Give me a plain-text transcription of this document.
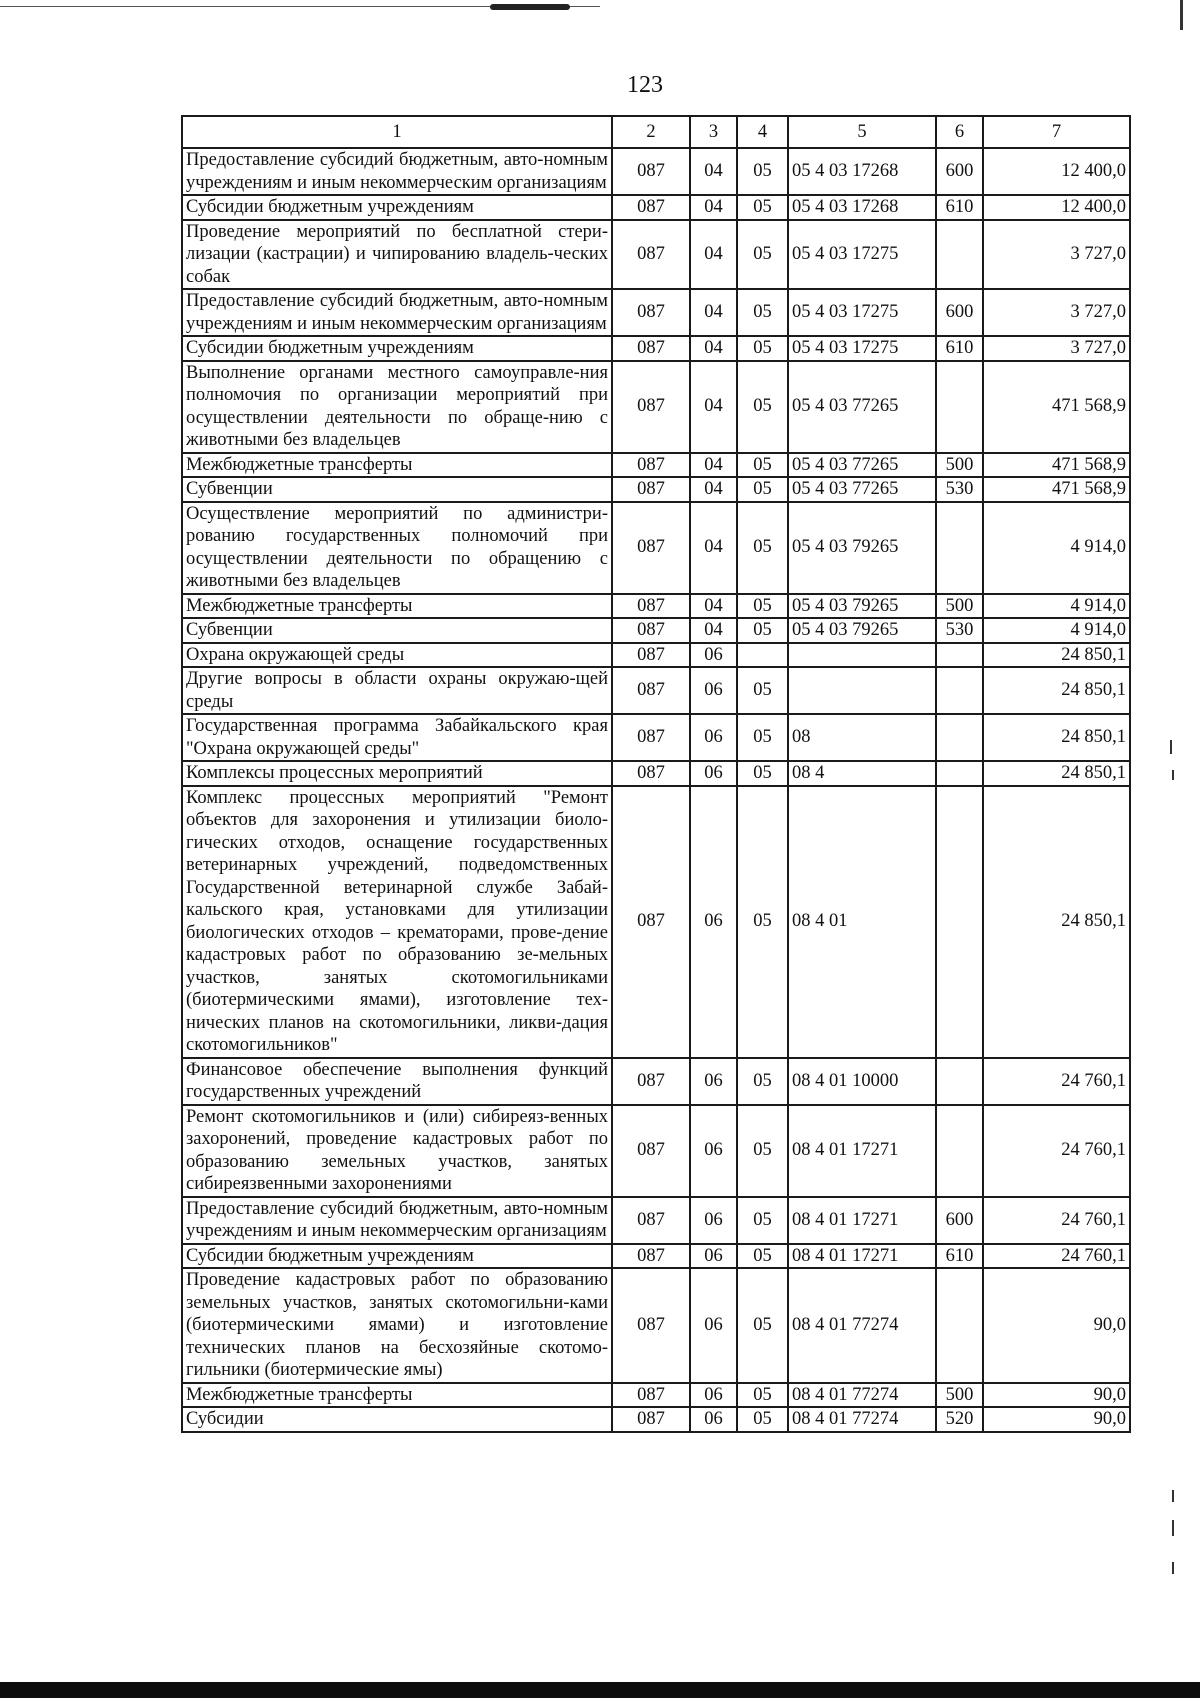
123
1	2	3	4	5	6	7
Предоставление субсидий бюджетным, авто-номным учреждениям и иным некоммерческим организациям	087	04	05	05 4 03 17268	600	12 400,0
Субсидии бюджетным учреждениям	087	04	05	05 4 03 17268	610	12 400,0
Проведение мероприятий по бесплатной стери-лизации (кастрации) и чипированию владель-ческих собак	087	04	05	05 4 03 17275		3 727,0
Предоставление субсидий бюджетным, авто-номным учреждениям и иным некоммерческим организациям	087	04	05	05 4 03 17275	600	3 727,0
Субсидии бюджетным учреждениям	087	04	05	05 4 03 17275	610	3 727,0
Выполнение органами местного самоуправле-ния полномочия по организации мероприятий при осуществлении деятельности по обраще-нию с животными без владельцев	087	04	05	05 4 03 77265		471 568,9
Межбюджетные трансферты	087	04	05	05 4 03 77265	500	471 568,9
Субвенции	087	04	05	05 4 03 77265	530	471 568,9
Осуществление мероприятий по администри-рованию государственных полномочий при осуществлении деятельности по обращению с животными без владельцев	087	04	05	05 4 03 79265		4 914,0
Межбюджетные трансферты	087	04	05	05 4 03 79265	500	4 914,0
Субвенции	087	04	05	05 4 03 79265	530	4 914,0
Охрана окружающей среды	087	06				24 850,1
Другие вопросы в области охраны окружаю-щей среды	087	06	05			24 850,1
Государственная программа Забайкальского края "Охрана окружающей среды"	087	06	05	08		24 850,1
Комплексы процессных мероприятий	087	06	05	08 4		24 850,1
Комплекс процессных мероприятий "Ремонт объектов для захоронения и утилизации биоло-гических отходов, оснащение государственных ветеринарных учреждений, подведомственных Государственной ветеринарной службе Забай-кальского края, установками для утилизации биологических отходов – крематорами, прове-дение кадастровых работ по образованию зе-мельных участков, занятых скотомогильниками (биотермическими ямами), изготовление тех-нических планов на скотомогильники, ликви-дация скотомогильников"	087	06	05	08 4 01		24 850,1
Финансовое обеспечение выполнения функций государственных учреждений	087	06	05	08 4 01 10000		24 760,1
Ремонт скотомогильников и (или) сибиреяз-венных захоронений, проведение кадастровых работ по образованию земельных участков, занятых сибиреязвенными захоронениями	087	06	05	08 4 01 17271		24 760,1
Предоставление субсидий бюджетным, авто-номным учреждениям и иным некоммерческим организациям	087	06	05	08 4 01 17271	600	24 760,1
Субсидии бюджетным учреждениям	087	06	05	08 4 01 17271	610	24 760,1
Проведение кадастровых работ по образованию земельных участков, занятых скотомогильни-ками (биотермическими ямами) и изготовление технических планов на бесхозяйные скотомо-гильники (биотермические ямы)	087	06	05	08 4 01 77274		90,0
Межбюджетные трансферты	087	06	05	08 4 01 77274	500	90,0
Субсидии	087	06	05	08 4 01 77274	520	90,0
